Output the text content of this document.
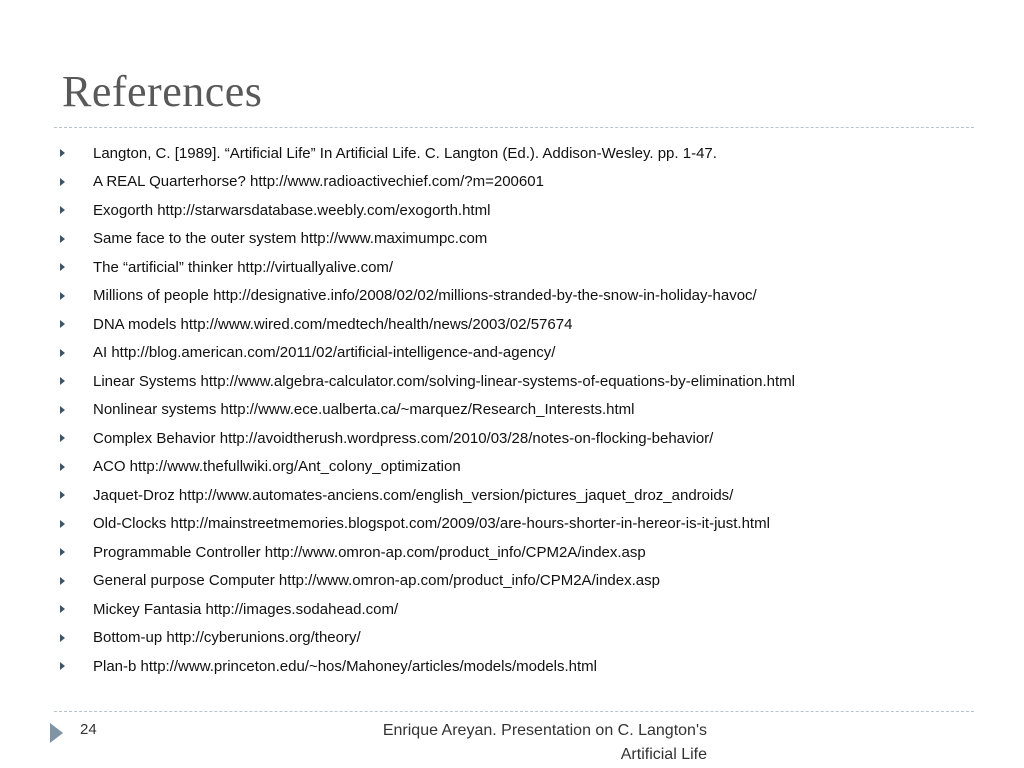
References
Langton, C. [1989]. “Artificial Life” In Artificial Life. C. Langton (Ed.). Addison-Wesley. pp. 1-47.
A REAL Quarterhorse? http://www.radioactivechief.com/?m=200601
Exogorth http://starwarsdatabase.weebly.com/exogorth.html
Same face to the outer system http://www.maximumpc.com
The “artificial” thinker http://virtuallyalive.com/
Millions of people http://designative.info/2008/02/02/millions-stranded-by-the-snow-in-holiday-havoc/
DNA models http://www.wired.com/medtech/health/news/2003/02/57674
AI http://blog.american.com/2011/02/artificial-intelligence-and-agency/
Linear Systems http://www.algebra-calculator.com/solving-linear-systems-of-equations-by-elimination.html
Nonlinear systems http://www.ece.ualberta.ca/~marquez/Research_Interests.html
Complex Behavior http://avoidtherush.wordpress.com/2010/03/28/notes-on-flocking-behavior/
ACO http://www.thefullwiki.org/Ant_colony_optimization
Jaquet-Droz http://www.automates-anciens.com/english_version/pictures_jaquet_droz_androids/
Old-Clocks http://mainstreetmemories.blogspot.com/2009/03/are-hours-shorter-in-hereor-is-it-just.html
Programmable Controller http://www.omron-ap.com/product_info/CPM2A/index.asp
General purpose Computer http://www.omron-ap.com/product_info/CPM2A/index.asp
Mickey Fantasia http://images.sodahead.com/
Bottom-up http://cyberunions.org/theory/
Plan-b http://www.princeton.edu/~hos/Mahoney/articles/models/models.html
24	Enrique Areyan. Presentation on C. Langton's
Artificial Life
